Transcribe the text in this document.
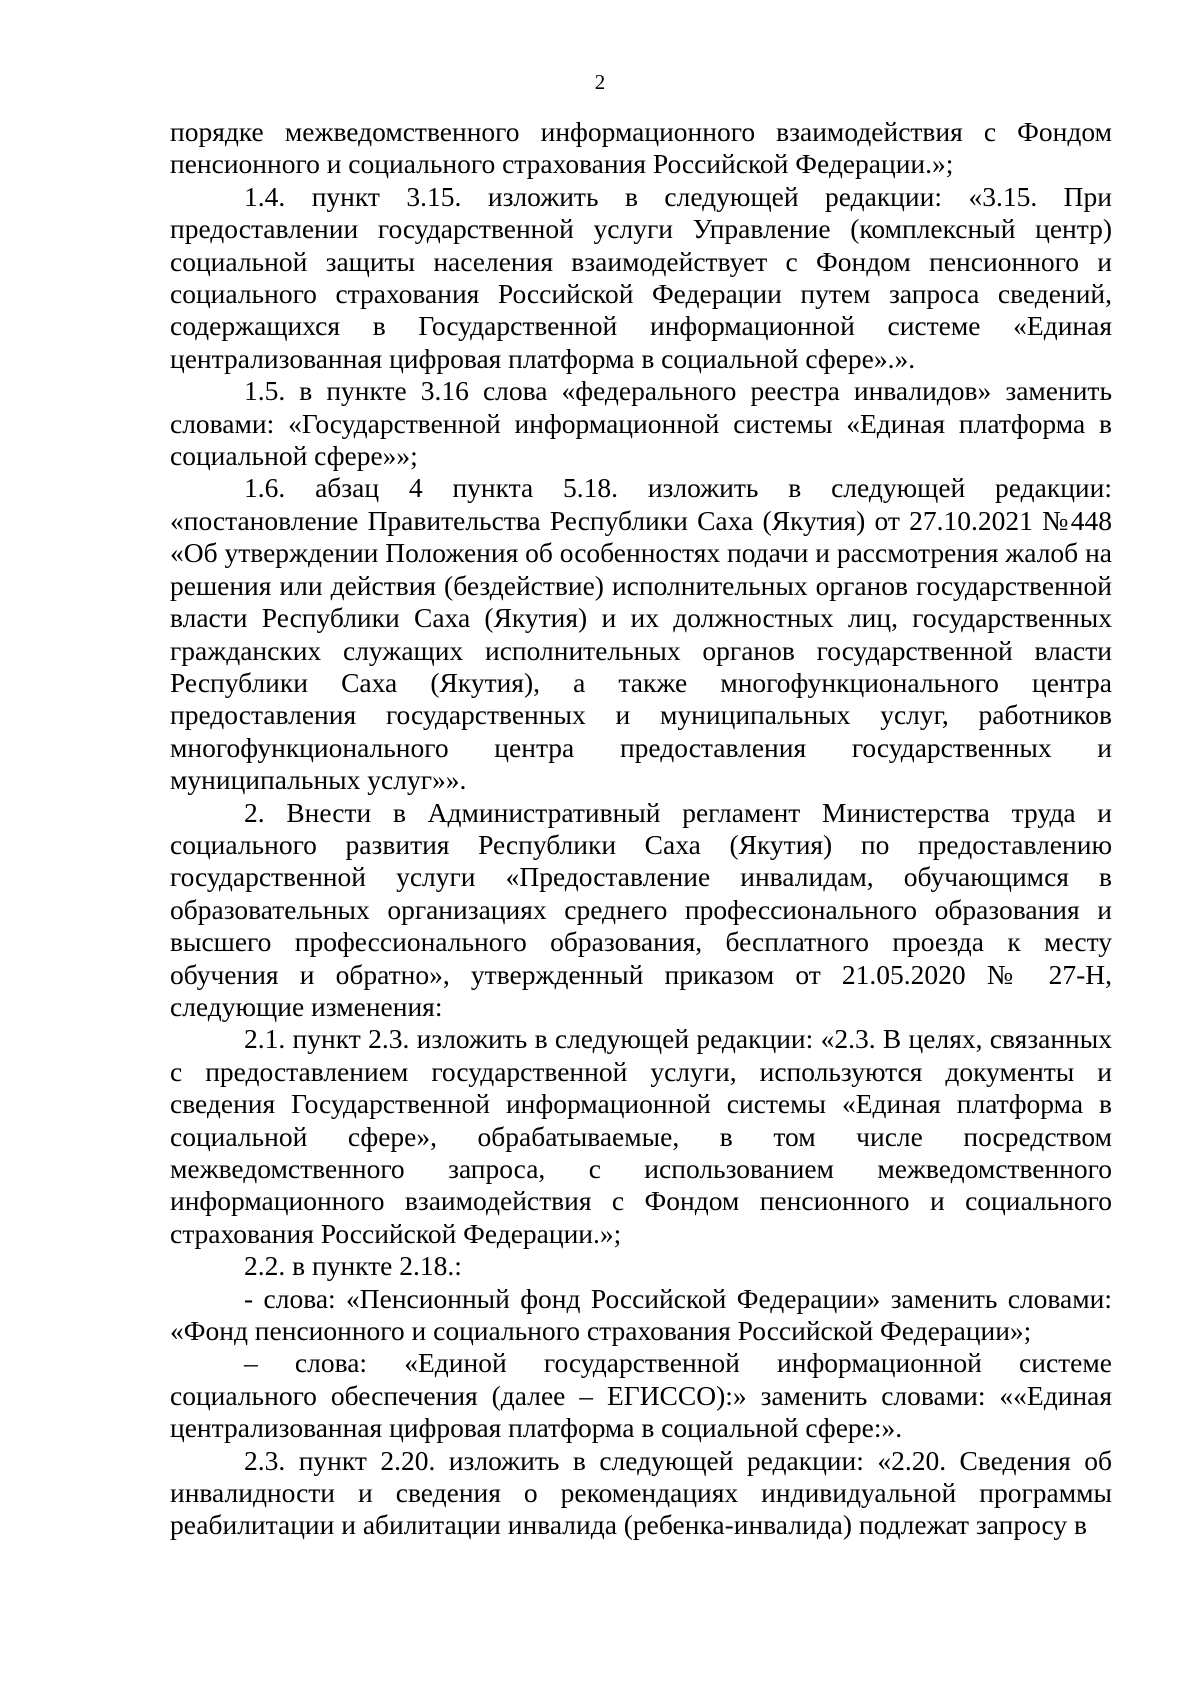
2

порядке межведомственного информационного взаимодействия с Фондом пенсионного и социального страхования Российской Федерации.»;

1.4. пункт 3.15. изложить в следующей редакции: «3.15. При предоставлении государственной услуги Управление (комплексный центр) социальной защиты населения взаимодействует с Фондом пенсионного и социального страхования Российской Федерации путем запроса сведений, содержащихся в Государственной информационной системе «Единая централизованная цифровая платформа в социальной сфере».».

1.5. в пункте 3.16 слова «федерального реестра инвалидов» заменить словами: «Государственной информационной системы «Единая платформа в социальной сфере»»;

1.6. абзац 4 пункта 5.18. изложить в следующей редакции: «постановление Правительства Республики Саха (Якутия) от 27.10.2021 №448 «Об утверждении Положения об особенностях подачи и рассмотрения жалоб на решения или действия (бездействие) исполнительных органов государственной власти Республики Саха (Якутия) и их должностных лиц, государственных гражданских служащих исполнительных органов государственной власти Республики Саха (Якутия), а также многофункционального центра предоставления государственных и муниципальных услуг, работников многофункционального центра предоставления государственных и муниципальных услуг»».

2. Внести в Административный регламент Министерства труда и социального развития Республики Саха (Якутия) по предоставлению государственной услуги «Предоставление инвалидам, обучающимся в образовательных организациях среднего профессионального образования и высшего профессионального образования, бесплатного проезда к месту обучения и обратно», утвержденный приказом от 21.05.2020 № 27-Н, следующие изменения:

2.1. пункт 2.3. изложить в следующей редакции: «2.3. В целях, связанных с предоставлением государственной услуги, используются документы и сведения Государственной информационной системы «Единая платформа в социальной сфере», обрабатываемые, в том числе посредством межведомственного запроса, с использованием межведомственного информационного взаимодействия с Фондом пенсионного и социального страхования Российской Федерации.»;

2.2. в пункте 2.18.:

- слова: «Пенсионный фонд Российской Федерации» заменить словами: «Фонд пенсионного и социального страхования Российской Федерации»;

– слова: «Единой государственной информационной системе социального обеспечения (далее – ЕГИССО):» заменить словами: ««Единая централизованная цифровая платформа в социальной сфере:».

2.3. пункт 2.20. изложить в следующей редакции: «2.20. Сведения об инвалидности и сведения о рекомендациях индивидуальной программы реабилитации и абилитации инвалида (ребенка-инвалида) подлежат запросу в
